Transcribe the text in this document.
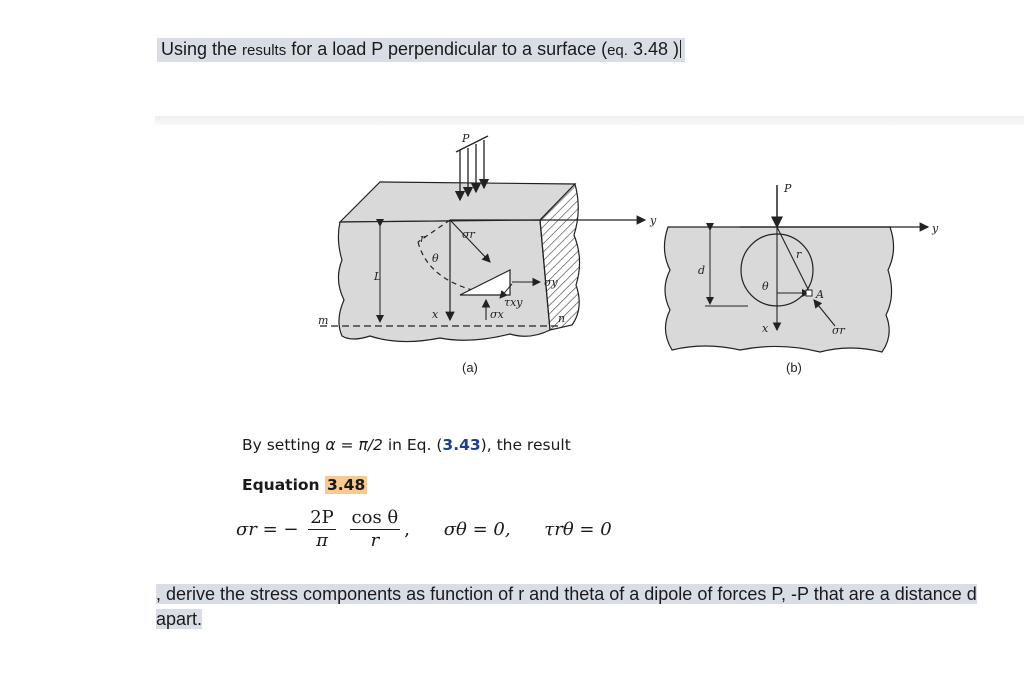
Using the results for a load P perpendicular to a surface (eq. 3.48 )
P
σr
θ
x	σx
τxy
σy
y
L
m	n
r
(a)
P
d
r
θ
A
x	σr
y
(b)
By setting α = π/2 in Eq. (3.43), the result
Equation 3.48
σr = − $\frac{2P}{\pi}$
$\frac{\text{cos θ}}{r}$ , σθ = 0, τrθ = 0
, derive the stress components as function of r and theta of a dipole of forces P, -P that are a distance d apart.
